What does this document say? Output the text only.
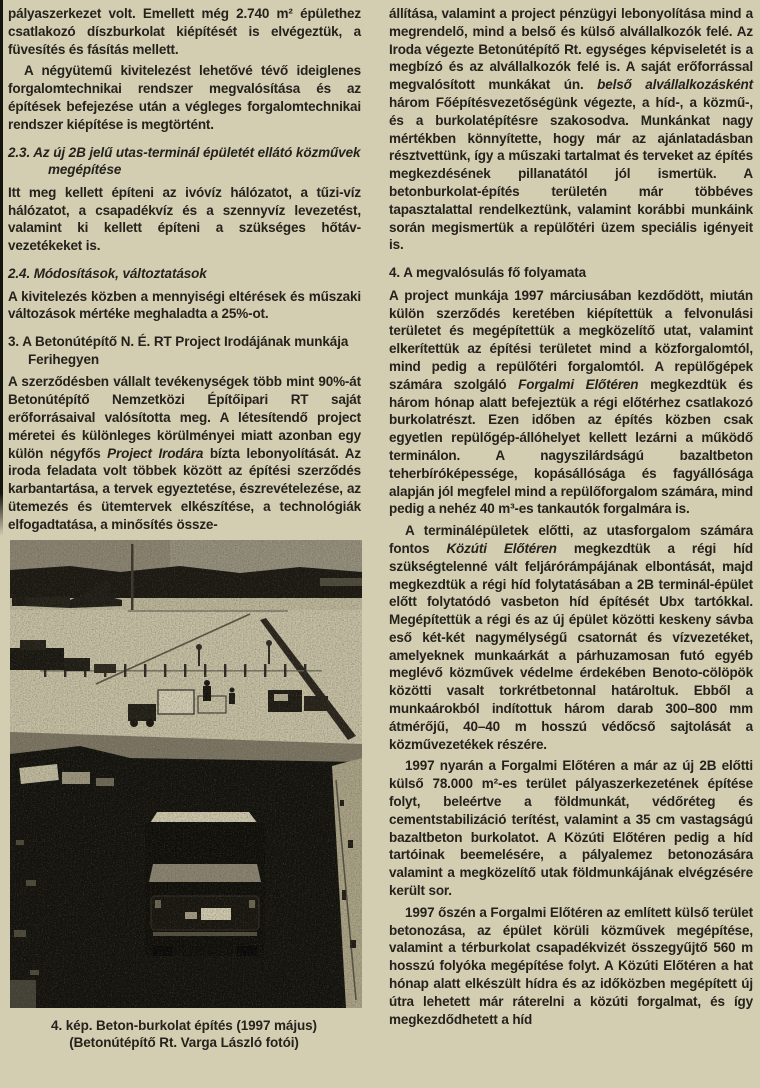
pályaszerkezet volt. Emellett még 2.740 m² épülethez csatlakozó díszburkolat kiépítését is elvégeztük, a füvesítés és fásítás mellett.

A négyütemű kivitelezést lehetővé tévő ideiglenes forgalomtechnikai rendszer megvalósítása és az építések befejezése után a végleges forgalomtechnikai rendszer kiépítése is megtörtént.

2.3. Az új 2B jelű utas-terminál épületét ellátó közművek megépítése

Itt meg kellett építeni az ivóvíz hálózatot, a tűzi-víz hálózatot, a csapadékvíz és a szennyvíz levezetést, valamint ki kellett építeni a szükséges hőtáv-vezetékeket is.

2.4. Módosítások, változtatások

A kivitelezés közben a mennyiségi eltérések és műszaki változások mértéke meghaladta a 25%-ot.

3. A Betonútépítő N. É. RT Project Irodájának munkája Ferihegyen

A szerződésben vállalt tevékenységek több mint 90%-át Betonútépítő Nemzetközi Építőipari RT saját erőforrásaival valósította meg. A létesítendő project méretei és különleges körülményei miatt azonban egy külön négyfős Project Irodára bízta lebonyolítását. Az iroda feladata volt többek között az építési szerződés karbantartása, a tervek egyeztetése, észrevételezése, az ütemezés és ütemtervek elkészítése, a technológiák elfogadtatása, a minősítés össze-

4. kép. Beton-burkolat építés (1997 május)
(Betonútépítő Rt. Varga László fotói)

állítása, valamint a project pénzügyi lebonyolítása mind a megrendelő, mind a belső és külső alvállalkozók felé. Az Iroda végezte Betonútépítő Rt. egységes képviseletét is a megbízó és az alvállalkozók felé is. A saját erőforrással megvalósított munkákat ún. belső alvállalkozásként három Főépítésvezetőségünk végezte, a híd-, a közmű-, és a burkolatépítésre szakosodva. Munkánkat nagy mértékben könnyítette, hogy már az ajánlatadásban résztvettünk, így a műszaki tartalmat és terveket az építés megkezdésének pillanatától jól ismertük. A betonburkolat-építés területén már többéves tapasztalattal rendelkeztünk, valamint korábbi munkáink során megismertük a repülőtéri üzem speciális igényeit is.

4. A megvalósulás fő folyamata

A project munkája 1997 márciusában kezdődött, miután külön szerződés keretében kiépítettük a felvonulási területet és megépítettük a megközelítő utat, valamint elkerítettük az építési területet mind a közforgalomtól, mind pedig a repülőtéri forgalomtól. A repülőgépek számára szolgáló Forgalmi Előtéren megkezdtük és három hónap alatt befejeztük a régi előtérhez csatlakozó burkolatrészt. Ezen időben az építés közben csak egyetlen repülőgép-állóhelyet kellett lezárni a működő terminálon. A nagyszilárdságú bazaltbeton teherbíróképessége, kopásállósága és fagyállósága alapján jól megfelel mind a repülőforgalom számára, mind pedig a nehéz 40 m³-es tankautók forgalmára is.

A terminálépületek előtti, az utasforgalom számára fontos Közúti Előtéren megkezdtük a régi híd szükségtelenné vált feljárórámpájának elbontását, majd megkezdtük a régi híd folytatásában a 2B terminál-épület előtt folytatódó vasbeton híd építését Ubx tartókkal. Megépítettük a régi és az új épület közötti keskeny sávba eső két-két nagymélységű csatornát és vízvezetéket, amelyeknek munkaárkát a párhuzamosan futó egyéb meglévő közművek védelme érdekében Benoto-cölöpök közötti vasalt torkrétbetonnal határoltuk. Ebből a munkaárokból indítottuk három darab 300–800 mm átmérőjű, 40–40 m hosszú védőcső sajtolását a közművezetékek részére.

1997 nyarán a Forgalmi Előtéren a már az új 2B előtti külső 78.000 m²-es terület pályaszerkezetének építése folyt, beleértve a földmunkát, védőréteg és cementstabilizáció terítést, valamint a 35 cm vastagságú bazaltbeton burkolatot. A Közúti Előtéren pedig a híd tartóinak beemelésére, a pályalemez betonozására valamint a megközelítő utak földmunkájának elvégzésére került sor.

1997 őszén a Forgalmi Előtéren az említett külső terület betonozása, az épület körüli közművek megépítése, valamint a térburkolat csapadékvizét összegyűjtő 560 m hosszú folyóka megépítése folyt. A Közúti Előtéren a hat hónap alatt elkészült hídra és az időközben megépített új útra lehetett már ráterelni a közúti forgalmat, és így megkezdődhetett a híd
